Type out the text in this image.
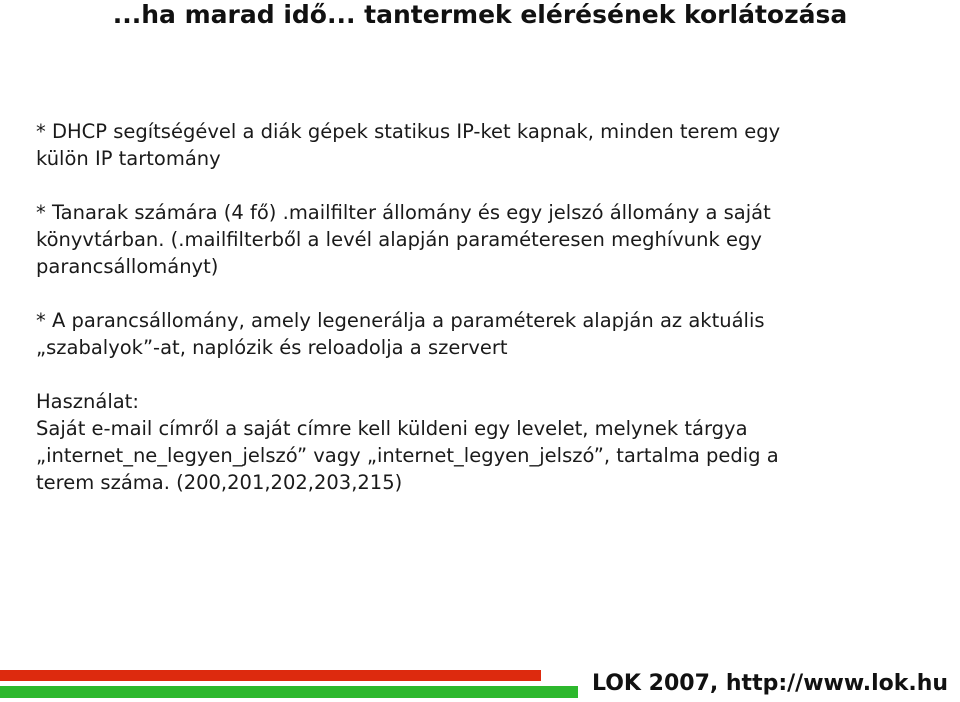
...ha marad idő... tantermek elérésének korlátozása
* DHCP segítségével a diák gépek statikus IP-ket kapnak, minden terem egy
külön IP tartomány
* Tanarak számára (4 fő) .mailfilter állomány és egy jelszó állomány a saját
könyvtárban. (.mailfilterből a levél alapján paraméteresen meghívunk egy
parancsállományt)
* A parancsállomány, amely legenerálja a paraméterek alapján az aktuális
„szabalyok”-at, naplózik és reloadolja a szervert
Használat:
Saját e-mail címről a saját címre kell küldeni egy levelet, melynek tárgya
„internet_ne_legyen_jelszó” vagy „internet_legyen_jelszó”, tartalma pedig a
terem száma. (200,201,202,203,215)
LOK 2007, http://www.lok.hu
